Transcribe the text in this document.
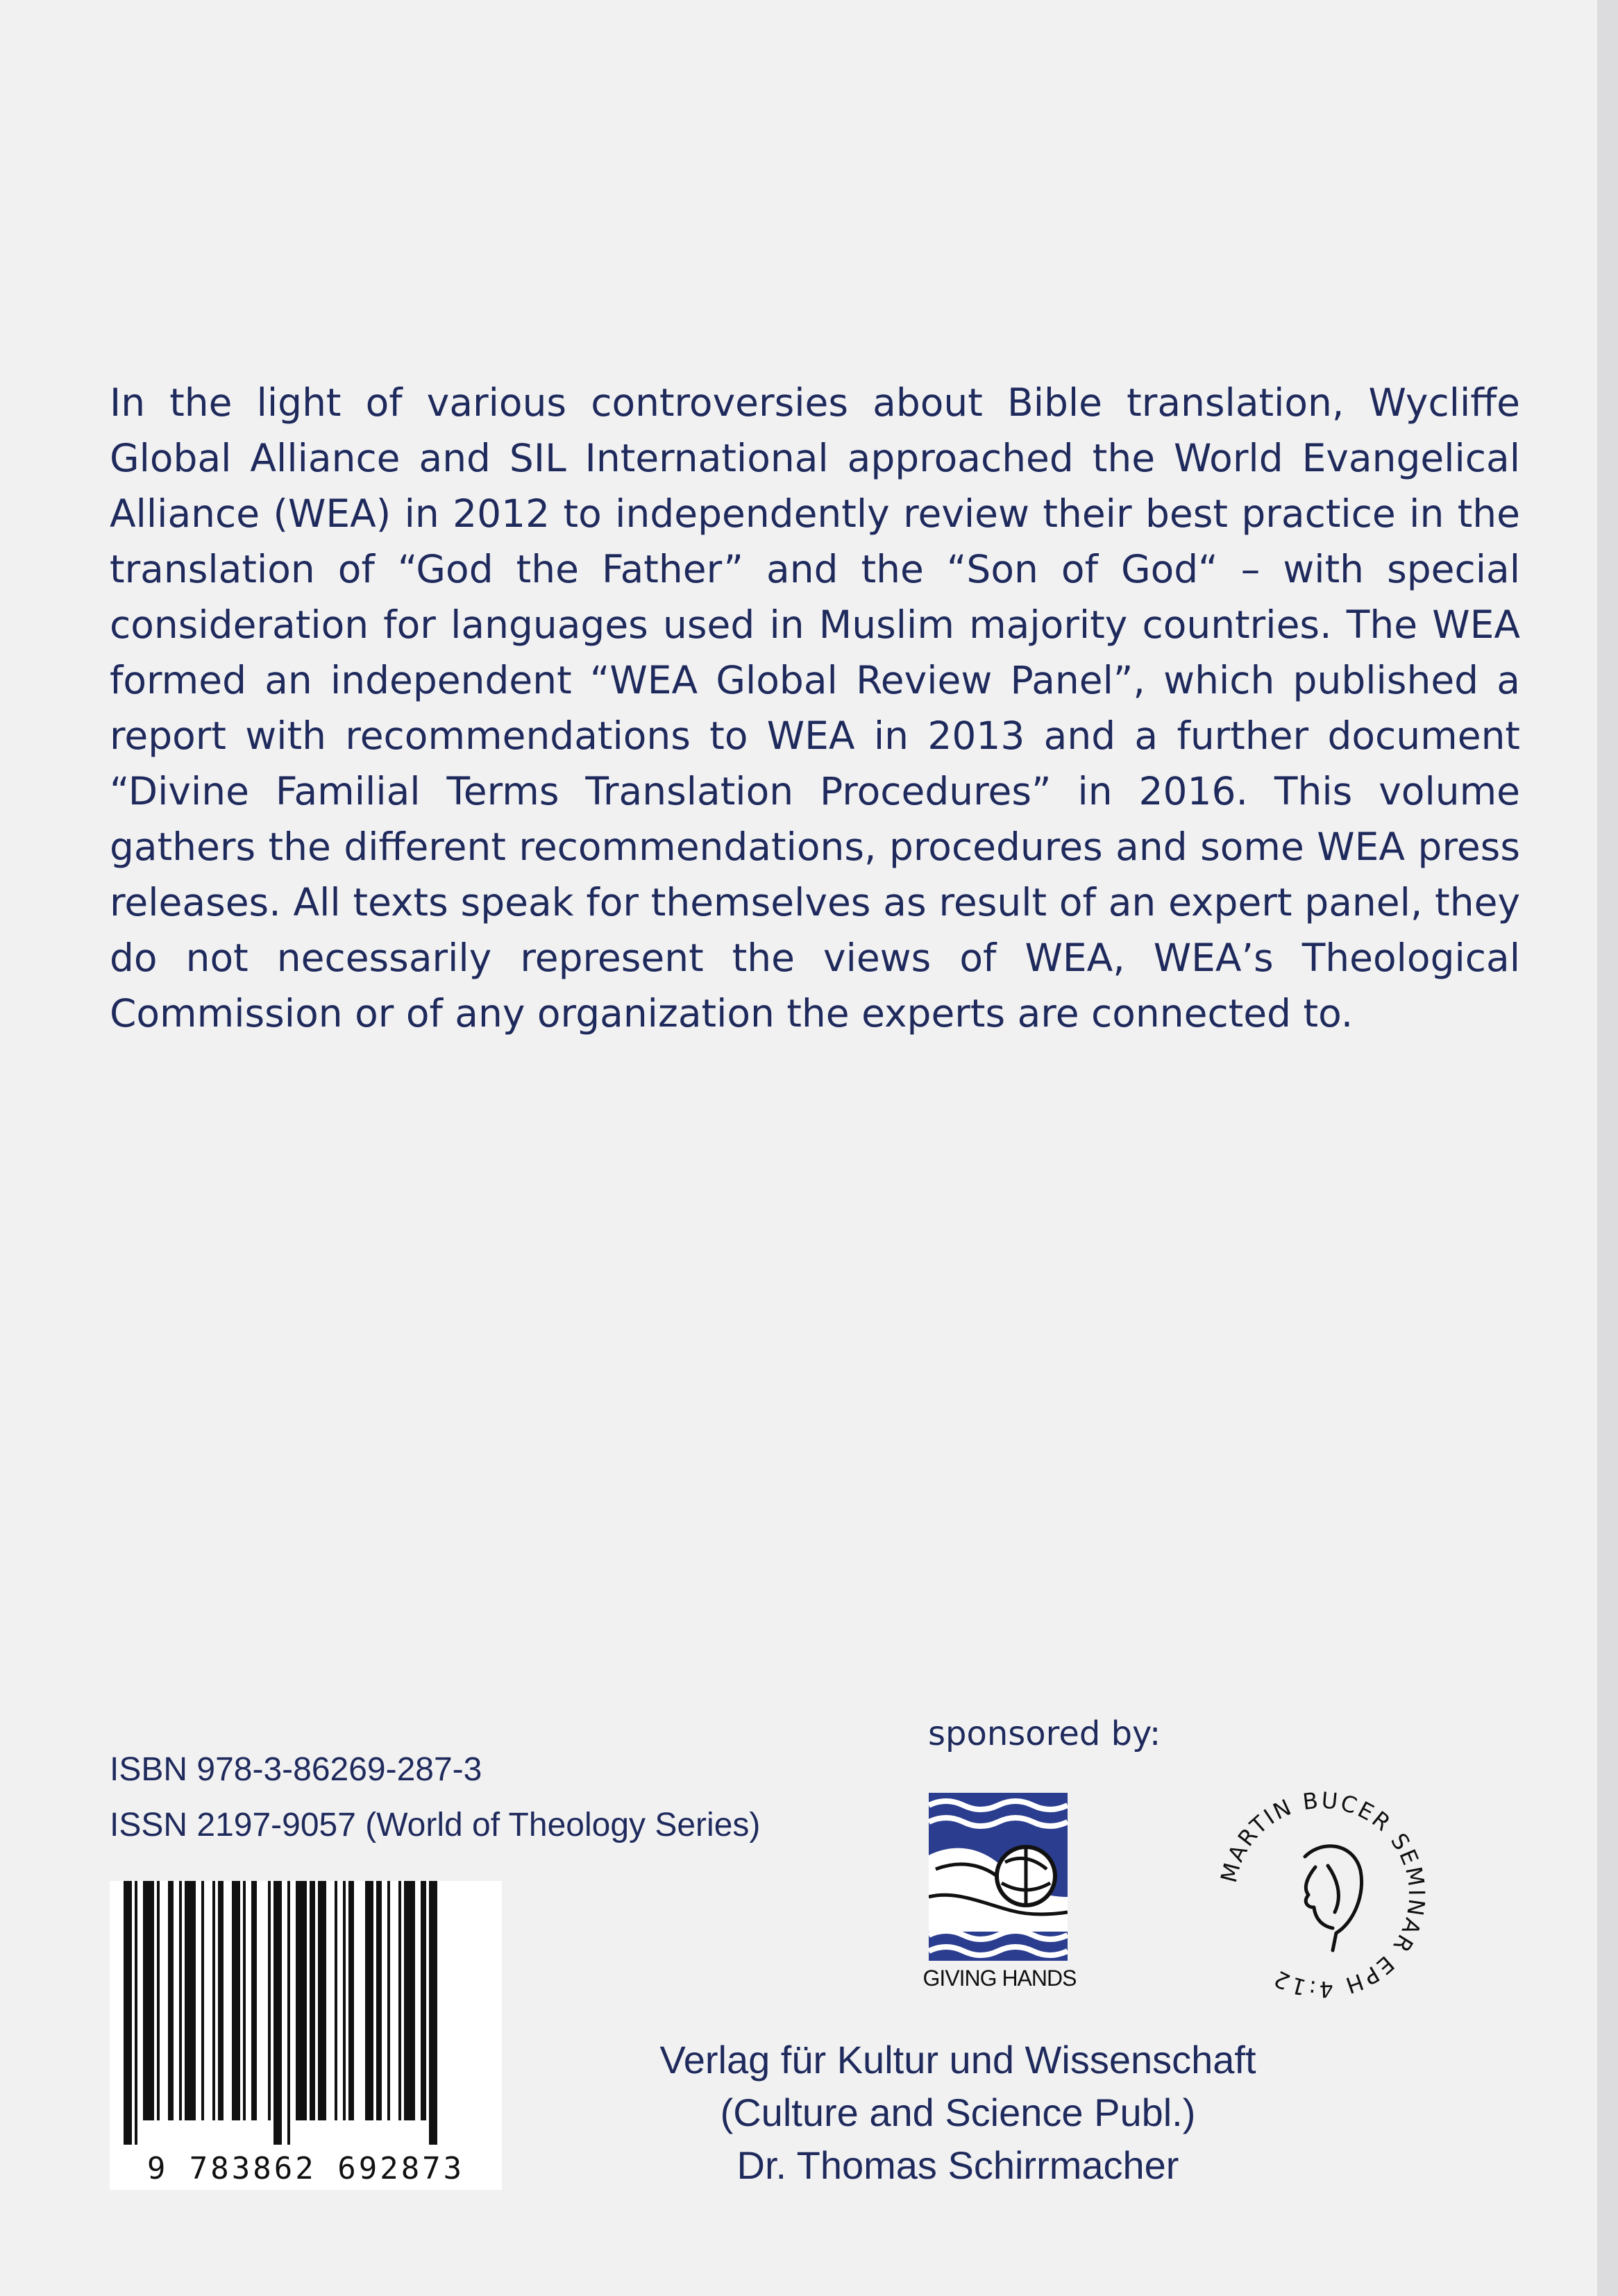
In the light of various controversies about Bible translation, Wycliffe Global Alliance and SIL International approached the World Evangelical Alliance (WEA) in 2012 to independently review their best practice in the translation of “God the Father” and the “Son of God“ – with special consideration for languages used in Muslim majority countries. The WEA formed an independent “WEA Global Review Panel”, which published a report with recommendations to WEA in 2013 and a further document “Divine Familial Terms Translation Procedures” in 2016. This volume gathers the different recommendations, procedures and some WEA press releases. All texts speak for themselves as result of an expert panel, they do not necessarily represent the views of WEA, WEA’s Theological Commission or of any organization the experts are connected to.

ISBN 978-3-86269-287-3
ISSN 2197-9057 (World of Theology Series)
9 783862 692873
sponsored by:
GIVING HANDS
MARTIN BUCER SEMINAR EPH 4:12
Verlag für Kultur und Wissenschaft
(Culture and Science Publ.)
Dr. Thomas Schirrmacher
